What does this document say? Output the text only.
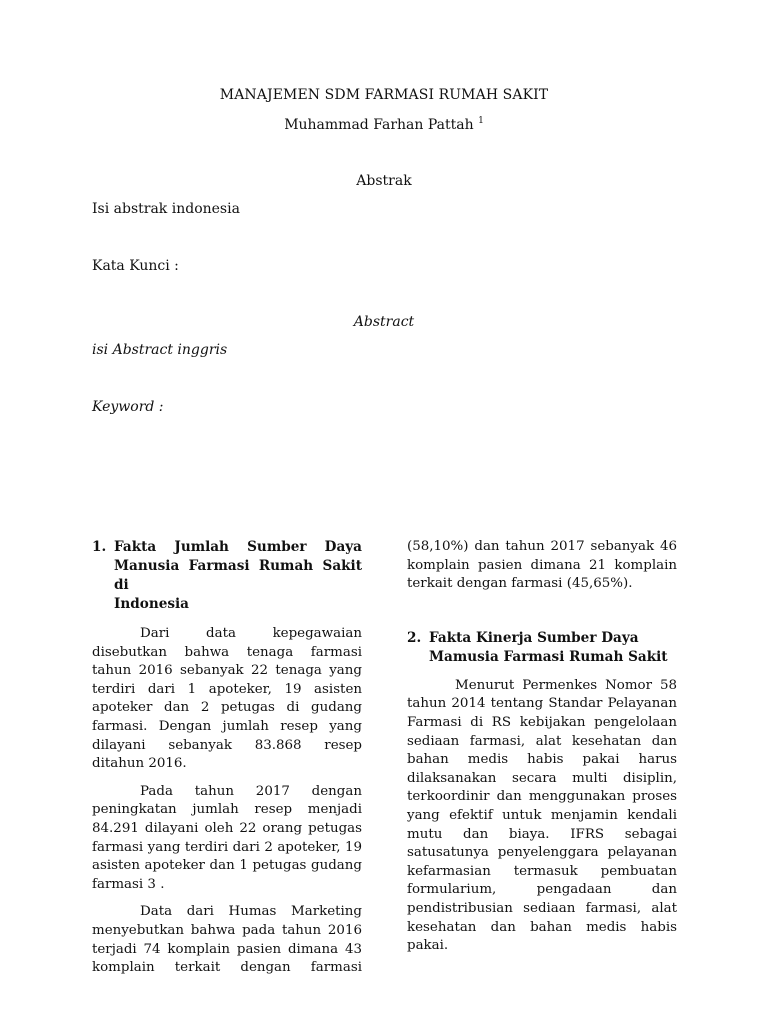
MANAJEMEN SDM FARMASI RUMAH SAKIT
Muhammad Farhan Pattah $^1$
Abstrak
Isi abstrak indonesia
Kata Kunci :
Abstract
isi Abstract inggris
Keyword :
1. Fakta Jumlah Sumber Daya
Manusia Farmasi Rumah Sakit di
Indonesia

Dari data kepegawaian disebutkan bahwa tenaga farmasi tahun 2016 sebanyak 22 tenaga yang terdiri dari 1 apoteker, 19 asisten apoteker dan 2 petugas di gudang farmasi. Dengan jumlah resep yang dilayani sebanyak 83.868 resep ditahun 2016.

Pada tahun 2017 dengan peningkatan jumlah resep menjadi 84.291 dilayani oleh 22 orang petugas farmasi yang terdiri dari 2 apoteker, 19 asisten apoteker dan 1 petugas gudang farmasi 3 .

Data dari Humas Marketing menyebutkan bahwa pada tahun 2016 terjadi 74 komplain pasien dimana 43 komplain terkait dengan farmasi

(58,10%) dan tahun 2017 sebanyak 46 komplain pasien dimana 21 komplain terkait dengan farmasi (45,65%).

2. Fakta Kinerja Sumber Daya
Mamusia Farmasi Rumah Sakit

Menurut Permenkes Nomor 58 tahun 2014 tentang Standar Pelayanan Farmasi di RS kebijakan pengelolaan sediaan farmasi, alat kesehatan dan bahan medis habis pakai harus dilaksanakan secara multi disiplin, terkoordinir dan menggunakan proses yang efektif untuk menjamin kendali mutu dan biaya. IFRS sebagai satusatunya penyelenggara pelayanan kefarmasian termasuk pembuatan formularium, pengadaan dan pendistribusian sediaan farmasi, alat kesehatan dan bahan medis habis pakai.
